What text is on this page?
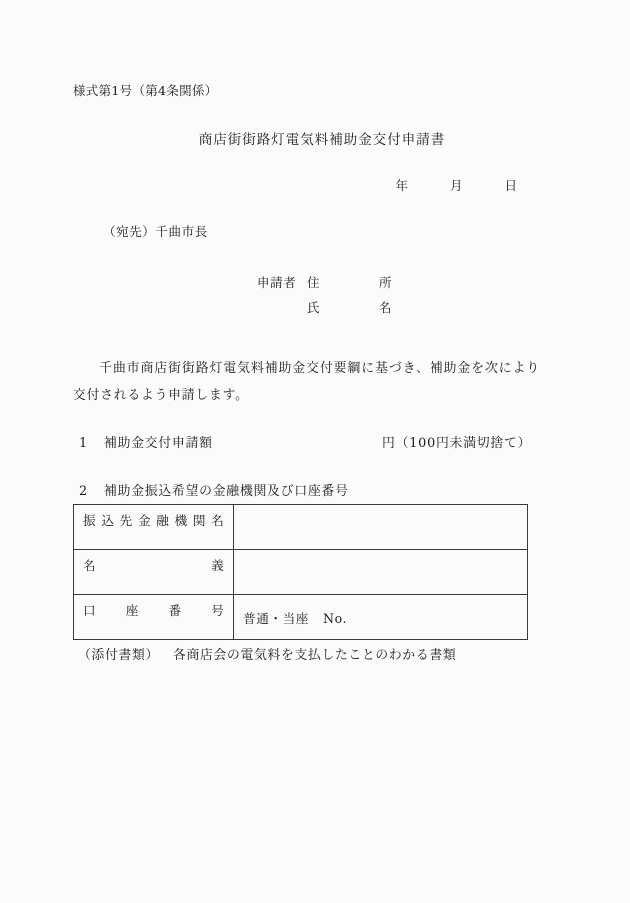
様式第1号（第4条関係）
商店街街路灯電気料補助金交付申請書
年	月	日
（宛先）千曲市長
申請者 住	所
氏	名
千曲市商店街街路灯電気料補助金交付要綱に基づき、補助金を次により交付されるよう申請します。
1 補助金交付申請額	円（100円未満切捨て）
2 補助金振込希望の金融機関及び口座番号
振込先金融機関名	

名義	

口座番号	普通・当座 No.
（添付書類） 各商店会の電気料を支払したことのわかる書類
